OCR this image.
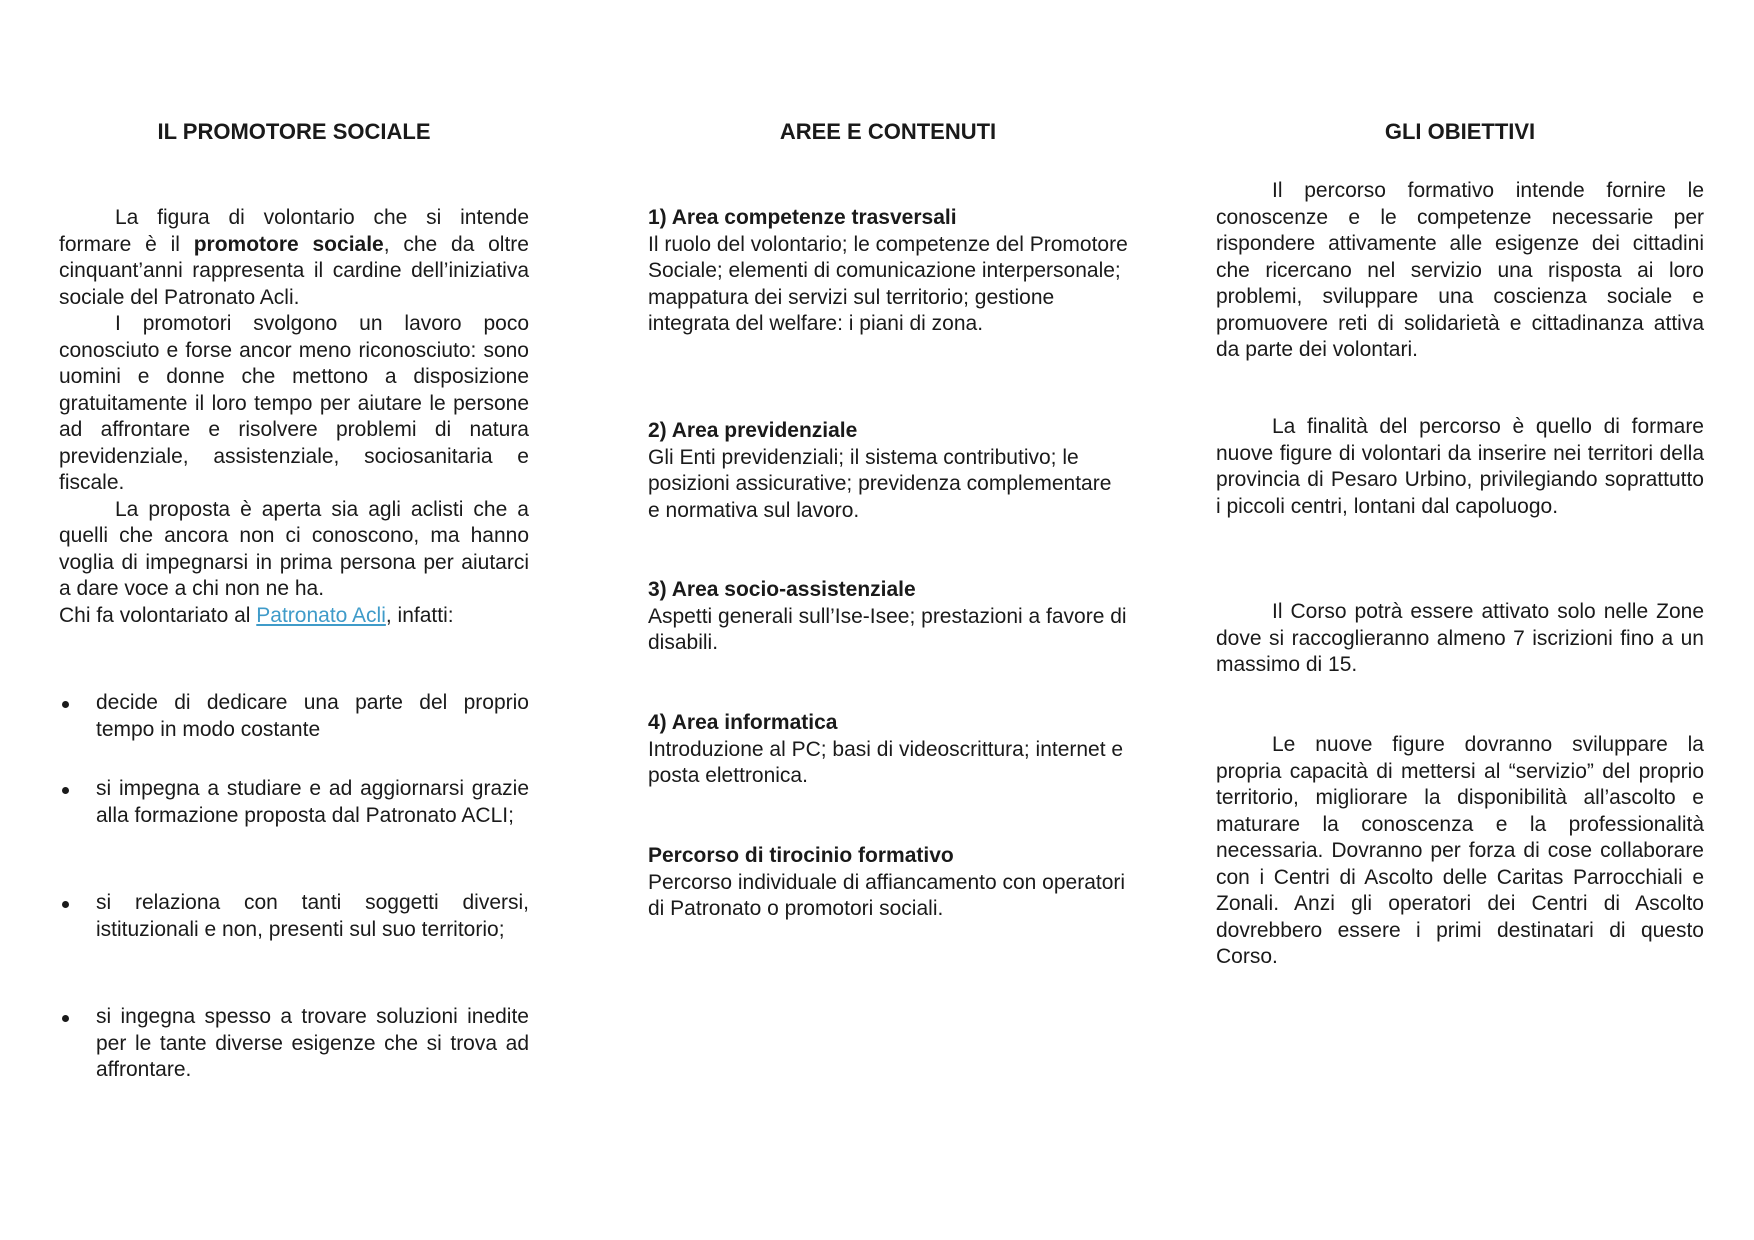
IL PROMOTORE SOCIALE

La figura di volontario che si intende formare è il promotore sociale, che da oltre cinquant’anni rappresenta il cardine dell’iniziativa sociale del Patronato Acli.

I promotori svolgono un lavoro poco conosciuto e forse ancor meno riconosciuto: sono uomini e donne che mettono a disposizione gratuitamente il loro tempo per aiutare le persone ad affrontare e risolvere problemi di natura previdenziale, assistenziale, sociosanitaria e fiscale.

La proposta è aperta sia agli aclisti che a quelli che ancora non ci conoscono, ma hanno voglia di impegnarsi in prima persona per aiutarci a dare voce a chi non ne ha.

Chi fa volontariato al Patronato Acli, infatti:

decide di dedicare una parte del proprio tempo in modo costante
si impegna a studiare e ad aggiornarsi grazie alla formazione proposta dal Patronato ACLI;
si relaziona con tanti soggetti diversi, istituzionali e non, presenti sul suo territorio;
si ingegna spesso a trovare soluzioni inedite per le tante diverse esigenze che si trova ad affrontare.
AREE E CONTENUTI

1) Area competenze trasversali

Il ruolo del volontario; le competenze del Promotore Sociale; elementi di comunicazione interpersonale; mappatura dei servizi sul territorio; gestione integrata del welfare: i piani di zona.

2) Area previdenziale

Gli Enti previdenziali; il sistema contributivo; le posizioni assicurative; previdenza complementare e normativa sul lavoro.

3) Area socio-assistenziale

Aspetti generali sull’Ise-Isee; prestazioni a favore di disabili.

4) Area informatica

Introduzione al PC; basi di videoscrittura; internet e posta elettronica.

Percorso di tirocinio formativo

Percorso individuale di affiancamento con operatori di Patronato o promotori sociali.

GLI OBIETTIVI

Il percorso formativo intende fornire le conoscenze e le competenze necessarie per rispondere attivamente alle esigenze dei cittadini che ricercano nel servizio una risposta ai loro problemi, sviluppare una coscienza sociale e promuovere reti di solidarietà e cittadinanza attiva da parte dei volontari.

La finalità del percorso è quello di formare nuove figure di volontari da inserire nei territori della provincia di Pesaro Urbino, privilegiando soprattutto i piccoli centri, lontani dal capoluogo.

Il Corso potrà essere attivato solo nelle Zone dove si raccoglieranno almeno 7 iscrizioni fino a un massimo di 15.

Le nuove figure dovranno sviluppare la propria capacità di mettersi al “servizio” del proprio territorio, migliorare la disponibilità all’ascolto e maturare la conoscenza e la professionalità necessaria. Dovranno per forza di cose collaborare con i Centri di Ascolto delle Caritas Parrocchiali e Zonali. Anzi gli operatori dei Centri di Ascolto dovrebbero essere i primi destinatari di questo Corso.
